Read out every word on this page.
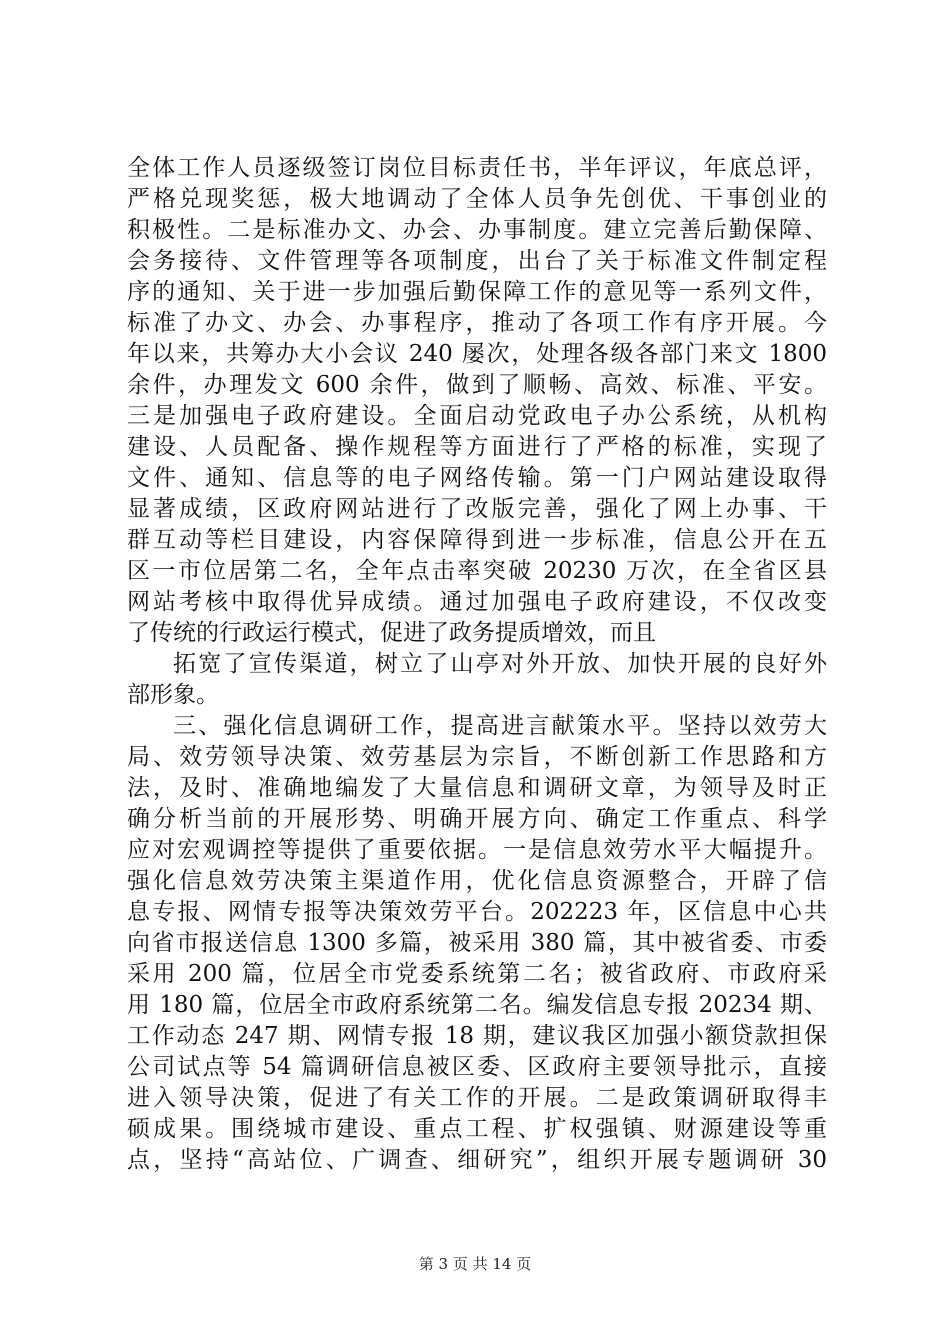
全体工作人员逐级签订岗位目标责任书，半年评议，年底总评，
严格兑现奖惩，极大地调动了全体人员争先创优、干事创业的
积极性。二是标准办文、办会、办事制度。建立完善后勤保障、
会务接待、文件管理等各项制度，出台了关于标准文件制定程
序的通知、关于进一步加强后勤保障工作的意见等一系列文件，
标准了办文、办会、办事程序，推动了各项工作有序开展。今
年以来，共筹办大小会议 240 屡次，处理各级各部门来文 1800
余件，办理发文 600 余件，做到了顺畅、高效、标准、平安。
三是加强电子政府建设。全面启动党政电子办公系统，从机构
建设、人员配备、操作规程等方面进行了严格的标准，实现了
文件、通知、信息等的电子网络传输。第一门户网站建设取得
显著成绩，区政府网站进行了改版完善，强化了网上办事、干
群互动等栏目建设，内容保障得到进一步标准，信息公开在五
区一市位居第二名，全年点击率突破 20230 万次，在全省区县
网站考核中取得优异成绩。通过加强电子政府建设，不仅改变
了传统的行政运行模式，促进了政务提质增效，而且
拓宽了宣传渠道，树立了山亭对外开放、加快开展的良好外
部形象。
三、强化信息调研工作，提高进言献策水平。坚持以效劳大
局、效劳领导决策、效劳基层为宗旨，不断创新工作思路和方
法，及时、准确地编发了大量信息和调研文章，为领导及时正
确分析当前的开展形势、明确开展方向、确定工作重点、科学
应对宏观调控等提供了重要依据。一是信息效劳水平大幅提升。
强化信息效劳决策主渠道作用，优化信息资源整合，开辟了信
息专报、网情专报等决策效劳平台。202223 年，区信息中心共
向省市报送信息 1300 多篇，被采用 380 篇，其中被省委、市委
采用 200 篇，位居全市党委系统第二名；被省政府、市政府采
用 180 篇，位居全市政府系统第二名。编发信息专报 20234 期、
工作动态 247 期、网情专报 18 期，建议我区加强小额贷款担保
公司试点等 54 篇调研信息被区委、区政府主要领导批示，直接
进入领导决策，促进了有关工作的开展。二是政策调研取得丰
硕成果。围绕城市建设、重点工程、扩权强镇、财源建设等重
点，坚持“高站位、广调查、细研究”，组织开展专题调研 30
第 3 页 共 14 页
